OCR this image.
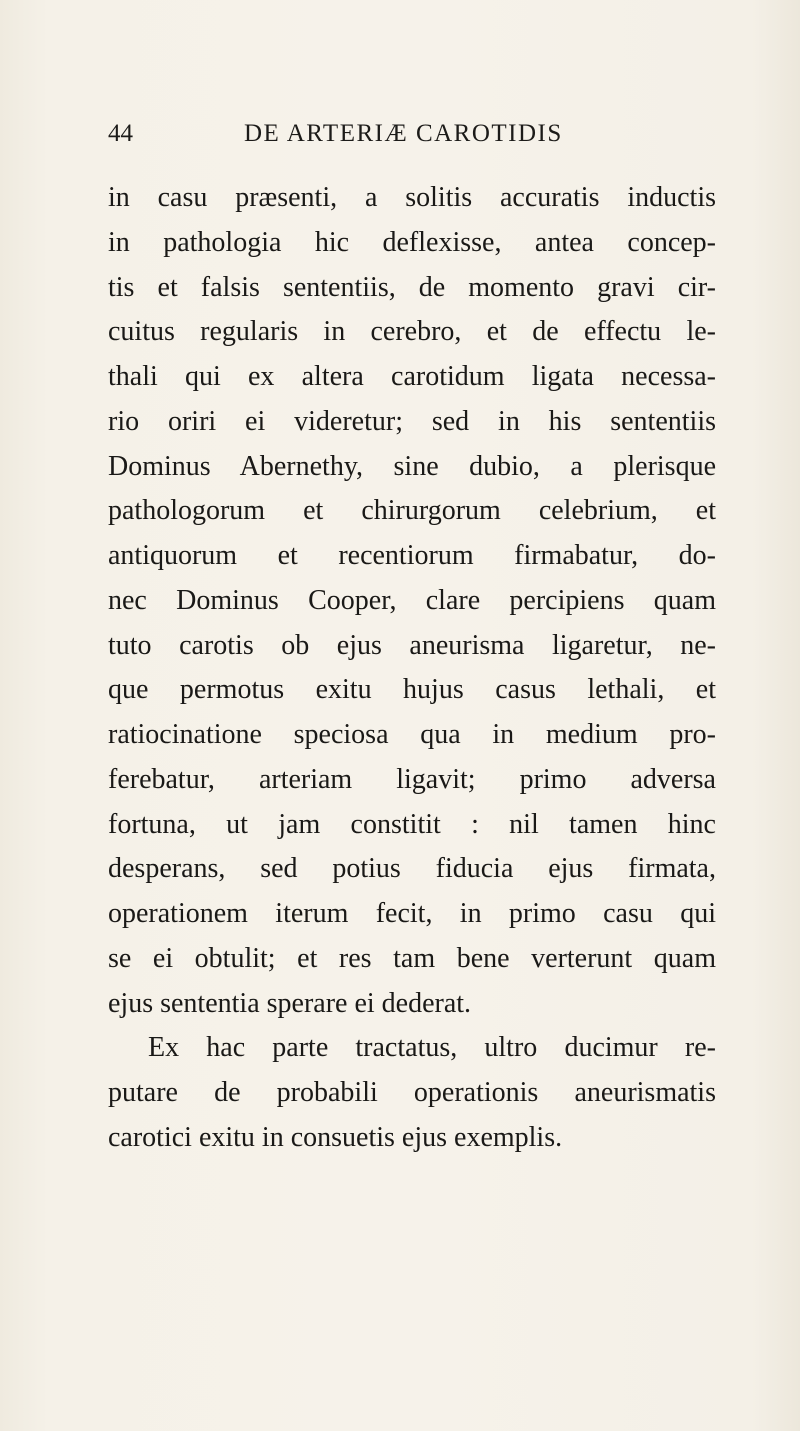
44	DE ARTERIÆ CAROTIDIS
in casu præsenti, a solitis accuratis inductis
in pathologia hic deflexisse, antea concep-
tis et falsis sententiis, de momento gravi cir-
cuitus regularis in cerebro, et de effectu le-
thali qui ex altera carotidum ligata necessa-
rio oriri ei videretur; sed in his sententiis
Dominus Abernethy, sine dubio, a plerisque
pathologorum et chirurgorum celebrium, et
antiquorum et recentiorum firmabatur, do-
nec Dominus Cooper, clare percipiens quam
tuto carotis ob ejus aneurisma ligaretur, ne-
que permotus exitu hujus casus lethali, et
ratiocinatione speciosa qua in medium pro-
ferebatur, arteriam ligavit; primo adversa
fortuna, ut jam constitit : nil tamen hinc
desperans, sed potius fiducia ejus firmata,
operationem iterum fecit, in primo casu qui
se ei obtulit; et res tam bene verterunt quam
ejus sententia sperare ei dederat.
Ex hac parte tractatus, ultro ducimur re-
putare de probabili operationis aneurismatis
carotici exitu in consuetis ejus exemplis.
